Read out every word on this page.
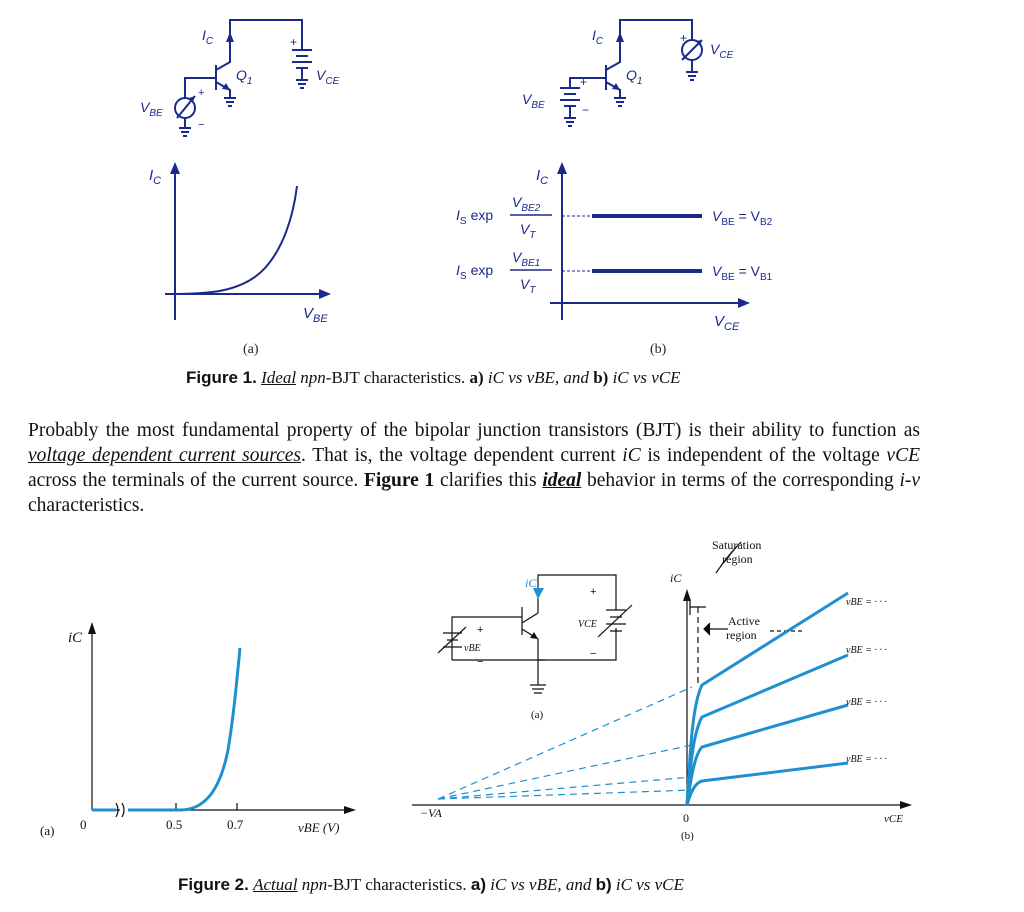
$I_C$
$Q_1$
$V_{BE}$
$V_{CE}$
+
+
−
$I_C$
$Q_1$
$V_{BE}$
$V_{CE}$
+
+
−
$I_C$
$V_{BE}$
(a)
$I_C$
$V_{CE}$
$I_S$ exp
$V_{BE2}$
$V_T$
$I_S$ exp
$V_{BE1}$
$V_T$
$V_{BE} = V_{B2}$
$V_{BE} = V_{B1}$
(b)
Figure 1. Ideal npn-BJT characteristics. a) iC vs vBE, and b) iC vs vCE
Probably the most fundamental property of the bipolar junction transistors (BJT) is their ability to function as voltage dependent current sources. That is, the voltage dependent current iC is independent of the voltage vCE across the terminals of the current source. Figure 1 clarifies this ideal behavior in terms of the corresponding i-v characteristics.
iC
0	0.5	0.7	vBE (V)
(a)
iC
vBE
VCE
+
−
+
−
(a)
Saturation
region
Active
region
iC
−VA	0	vCE
(b)
vBE = · · ·
vBE = · · ·
vBE = · · ·
vBE = · · ·
Figure 2. Actual npn-BJT characteristics. a) iC vs vBE, and b) iC vs vCE
